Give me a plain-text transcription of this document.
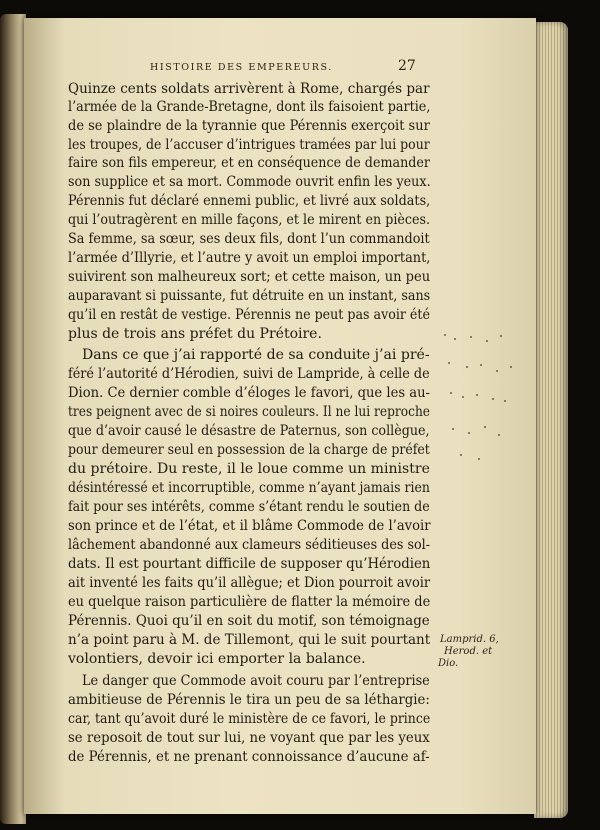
HISTOIRE DES EMPEREURS.	27
Quinze cents soldats arrivèrent à Rome, chargés par
l’armée de la Grande-Bretagne, dont ils faisoient partie,
de se plaindre de la tyrannie que Pérennis exerçoit sur
les troupes, de l’accuser d’intrigues tramées par lui pour
faire son fils empereur, et en conséquence de demander
son supplice et sa mort. Commode ouvrit enfin les yeux.
Pérennis fut déclaré ennemi public, et livré aux soldats,
qui l’outragèrent en mille façons, et le mirent en pièces.
Sa femme, sa sœur, ses deux fils, dont l’un commandoit
l’armée d’Illyrie, et l’autre y avoit un emploi important,
suivirent son malheureux sort; et cette maison, un peu
auparavant si puissante, fut détruite en un instant, sans
qu’il en restât de vestige. Pérennis ne peut pas avoir été
plus de trois ans préfet du Prétoire.
Dans ce que j’ai rapporté de sa conduite j’ai pré-
féré l’autorité d’Hérodien, suivi de Lampride, à celle de
Dion. Ce dernier comble d’éloges le favori, que les au-
tres peignent avec de si noires couleurs. Il ne lui reproche
que d’avoir causé le désastre de Paternus, son collègue,
pour demeurer seul en possession de la charge de préfet
du prétoire. Du reste, il le loue comme un ministre
désintéressé et incorruptible, comme n’ayant jamais rien
fait pour ses intérêts, comme s’étant rendu le soutien de
son prince et de l’état, et il blâme Commode de l’avoir
lâchement abandonné aux clameurs séditieuses des sol-
dats. Il est pourtant difficile de supposer qu’Hérodien
ait inventé les faits qu’il allègue; et Dion pourroit avoir
eu quelque raison particulière de flatter la mémoire de
Pérennis. Quoi qu’il en soit du motif, son témoignage
n’a point paru à M. de Tillemont, qui le suit pourtant
volontiers, devoir ici emporter la balance.
Le danger que Commode avoit couru par l’entreprise
ambitieuse de Pérennis le tira un peu de sa léthargie:
car, tant qu’avoit duré le ministère de ce favori, le prince
se reposoit de tout sur lui, ne voyant que par les yeux
de Pérennis, et ne prenant connoissance d’aucune af-
Lamprid. 6,
Herod. et
Dio.
